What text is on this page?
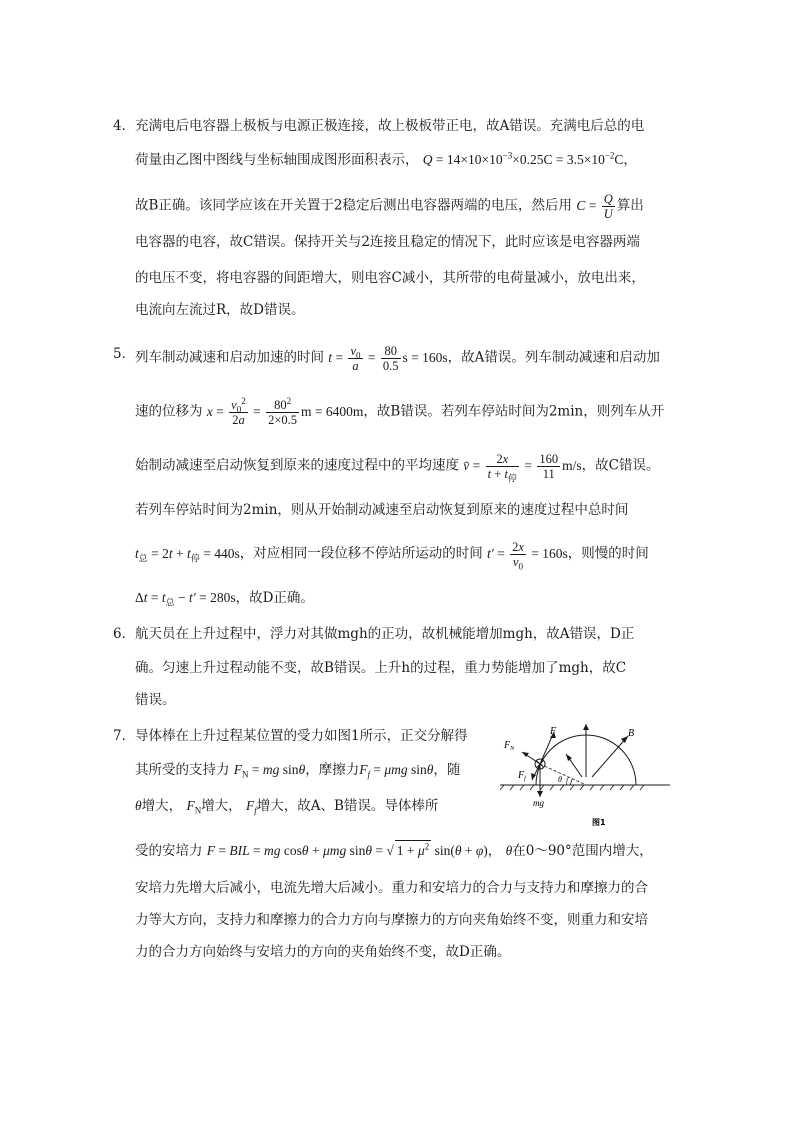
4． 充满电后电容器上极板与电源正极连接，故上极板带正电，故A错误。充满电后总的电
荷量由乙图中图线与坐标轴围成图形面积表示， $Q = 14\times 10\times 10^{-3}\times 0.25C = 3.5\times 10^{-2}C$，
故B正确。该同学应该在开关置于2稳定后测出电容器两端的电压，然后用 $C = \frac{Q}{U}$ 算出
电容器的电容，故C错误。保持开关与2连接且稳定的情况下，此时应该是电容器两端
的电压不变，将电容器的间距增大，则电容C减小，其所带的电荷量减小，放电出来，
电流向左流过R，故D错误。
5． 列车制动减速和启动加速的时间 $t = \frac{v_0}{a} = \frac{80}{0.5}$ s = 160s，故A错误。列车制动减速和启动加
速的位移为 $x = \frac{v_0^2}{2a} = \frac{80^2}{2\times 0.5}$ m = 6400m，故B错误。若列车停站时间为2min，则列车从开
始制动减速至启动恢复到原来的速度过程中的平均速度 v̄ = $\frac{2x}{t + t_停} = \frac{160}{11} m/s$，故C错误。
若列车停站时间为2min，则从开始制动减速至启动恢复到原来的速度过程中总时间
$t_总 = 2t + t_停 = 440s$，对应相同一段位移不停站所运动的时间 $t' = \frac{2x}{v_0} = 160s$，则慢的时间
$\Delta t = t_总 - t' = 280s$，故D正确。
6． 航天员在上升过程中，浮力对其做mgh的正功，故机械能增加mgh，故A错误，D正
确。匀速上升过程动能不变，故B错误。上升h的过程，重力势能增加了mgh，故C
错误。
7． 导体棒在上升过程某位置的受力如图1所示，正交分解得
其所受的支持力 $F_N$ = mg sinθ，摩擦力$F_f = \mu mg$ sinθ，随
θ增大， $F_N$增大， $F_f$增大，故A、B错误。导体棒所
受的安培力 F = BIL = mg cosθ + μmg sinθ = √ $1 + \mu^2$ sin(θ + φ)， θ在0～90°范围内增大，
安培力先增大后减小，电流先增大后减小。重力和安培力的合力与支持力和摩擦力的合
力等大方向，支持力和摩擦力的合力方向与摩擦力的方向夹角始终不变，则重力和安培
力的合力方向始终与安培力的方向的夹角始终不变，故D正确。
F
$F_N$
$F_f$
B
mg
θ f
图1
